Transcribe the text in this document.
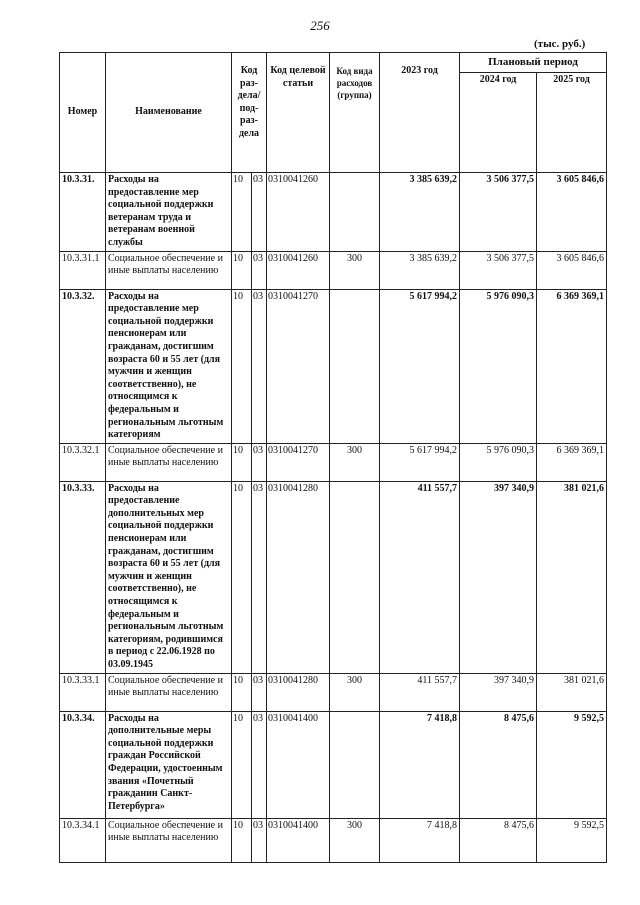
256
(тыс. руб.)
Номер	Наименование	Код раз- дела/ под- раз- дела		Код целевой статьи	Код вида расходов (группа)	2023 год	Плановый период	
							2024 год	2025 год
10.3.31.	Расходы на предоставление мер социальной поддержки ветеранам труда и ветеранам военной службы	10	03	0310041260		3 385 639,2	3 506 377,5	3 605 846,6
10.3.31.1	Социальное обеспечение и иные выплаты населению	10	03	0310041260	300	3 385 639,2	3 506 377,5	3 605 846,6
10.3.32.	Расходы на предоставление мер социальной поддержки пенсионерам или гражданам, достигшим возраста 60 и 55 лет (для мужчин и женщин соответственно), не относящимся к федеральным и региональным льготным категориям	10	03	0310041270		5 617 994,2	5 976 090,3	6 369 369,1
10.3.32.1	Социальное обеспечение и иные выплаты населению	10	03	0310041270	300	5 617 994,2	5 976 090,3	6 369 369,1
10.3.33.	Расходы на предоставление дополнительных мер социальной поддержки пенсионерам или гражданам, достигшим возраста 60 и 55 лет (для мужчин и женщин соответственно), не относящимся к федеральным и региональным льготным категориям, родившимся в период с 22.06.1928 по 03.09.1945	10	03	0310041280		411 557,7	397 340,9	381 021,6
10.3.33.1	Социальное обеспечение и иные выплаты населению	10	03	0310041280	300	411 557,7	397 340,9	381 021,6
10.3.34.	Расходы на дополнительные меры социальной поддержки граждан Российской Федерации, удостоенным звания «Почетный гражданин Санкт-Петербурга»	10	03	0310041400		7 418,8	8 475,6	9 592,5
10.3.34.1	Социальное обеспечение и иные выплаты населению	10	03	0310041400	300	7 418,8	8 475,6	9 592,5
